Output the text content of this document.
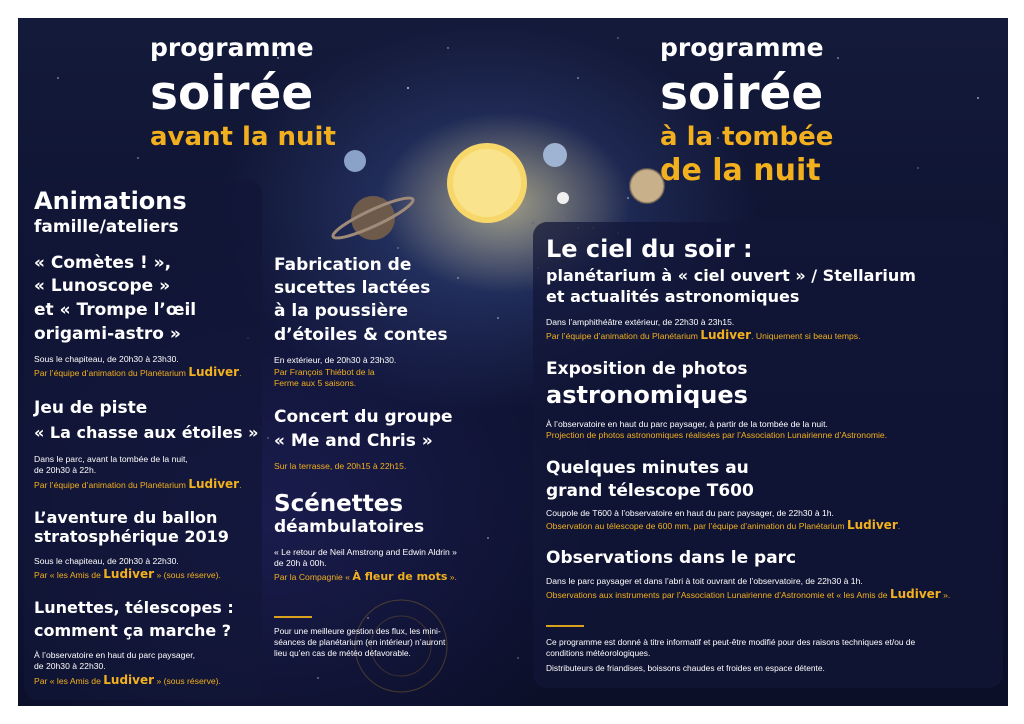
programme
soirée
avant la nuit
programme
soirée
à la tombée
de la nuit
Animations
famille/ateliers
« Comètes ! »,
« Lunoscope »
et « Trompe l’œil
origami-astro »
Sous le chapiteau, de 20h30 à 23h30.
Par l’équipe d’animation du Planétarium Ludiver.
Jeu de piste
« La chasse aux étoiles »
Dans le parc, avant la tombée de la nuit,
de 20h30 à 22h.
Par l’équipe d’animation du Planétarium Ludiver.
L’aventure du ballon
stratosphérique 2019
Sous le chapiteau, de 20h30 à 22h30.
Par « les Amis de Ludiver » (sous réserve).
Lunettes, télescopes :
comment ça marche ?
À l’observatoire en haut du parc paysager,
de 20h30 à 22h30.
Par « les Amis de Ludiver » (sous réserve).
Fabrication de
sucettes lactées
à la poussière
d’étoiles & contes
En extérieur, de 20h30 à 23h30.
Par François Thiébot de la
Ferme aux 5 saisons.
Concert du groupe
« Me and Chris »
Sur la terrasse, de 20h15 à 22h15.
Scénettes
déambulatoires
« Le retour de Neil Amstrong and Edwin Aldrin »
de 20h à 00h.
Par la Compagnie « À fleur de mots ».
Pour une meilleure gestion des flux, les mini-
séances de planétarium (en intérieur) n’auront
lieu qu’en cas de météo défavorable.
Le ciel du soir :
planétarium à « ciel ouvert » / Stellarium
et actualités astronomiques
Dans l’amphithéâtre extérieur, de 22h30 à 23h15.
Par l’équipe d’animation du Planétarium Ludiver. Uniquement si beau temps.
Exposition de photos
astronomiques
À l’observatoire en haut du parc paysager, à partir de la tombée de la nuit.
Projection de photos astronomiques réalisées par l’Association Lunairienne d’Astronomie.
Quelques minutes au
grand télescope T600
Coupole de T600 à l’observatoire en haut du parc paysager, de 22h30 à 1h.
Observation au télescope de 600 mm, par l’équipe d’animation du Planétarium Ludiver.
Observations dans le parc
Dans le parc paysager et dans l’abri à toit ouvrant de l’observatoire, de 22h30 à 1h.
Observations aux instruments par l’Association Lunairienne d’Astronomie et « les Amis de Ludiver ».
Ce programme est donné à titre informatif et peut-être modifié pour des raisons techniques et/ou de
conditions météorologiques.
Distributeurs de friandises, boissons chaudes et froides en espace détente.
